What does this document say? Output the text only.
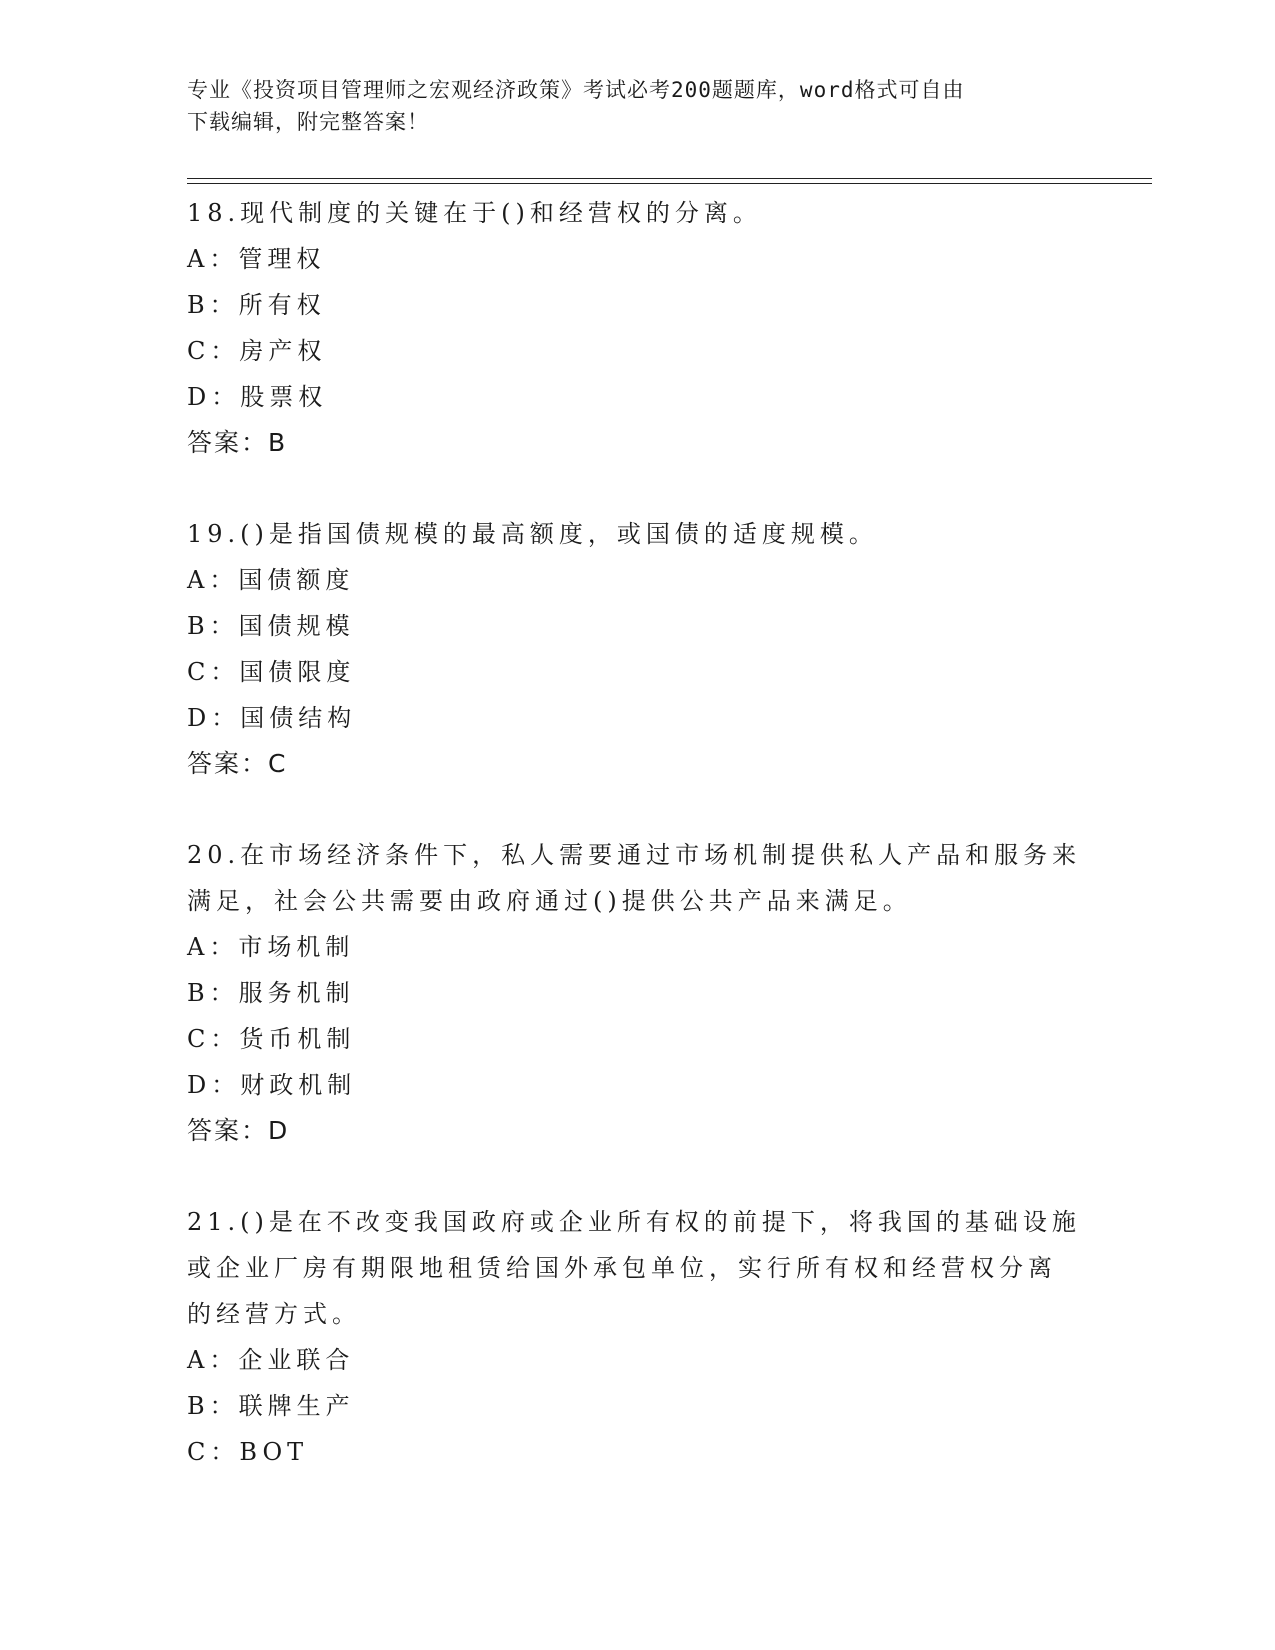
专业《投资项目管理师之宏观经济政策》考试必考200题题库，word格式可自由
下载编辑，附完整答案！
18.现代制度的关键在于()和经营权的分离。
A：管理权
B：所有权
C：房产权
D：股票权
答案：B
19.()是指国债规模的最高额度，或国债的适度规模。
A：国债额度
B：国债规模
C：国债限度
D：国债结构
答案：C
20.在市场经济条件下，私人需要通过市场机制提供私人产品和服务来
满足，社会公共需要由政府通过()提供公共产品来满足。
A：市场机制
B：服务机制
C：货币机制
D：财政机制
答案：D
21.()是在不改变我国政府或企业所有权的前提下，将我国的基础设施
或企业厂房有期限地租赁给国外承包单位，实行所有权和经营权分离
的经营方式。
A：企业联合
B：联牌生产
C：BOT
